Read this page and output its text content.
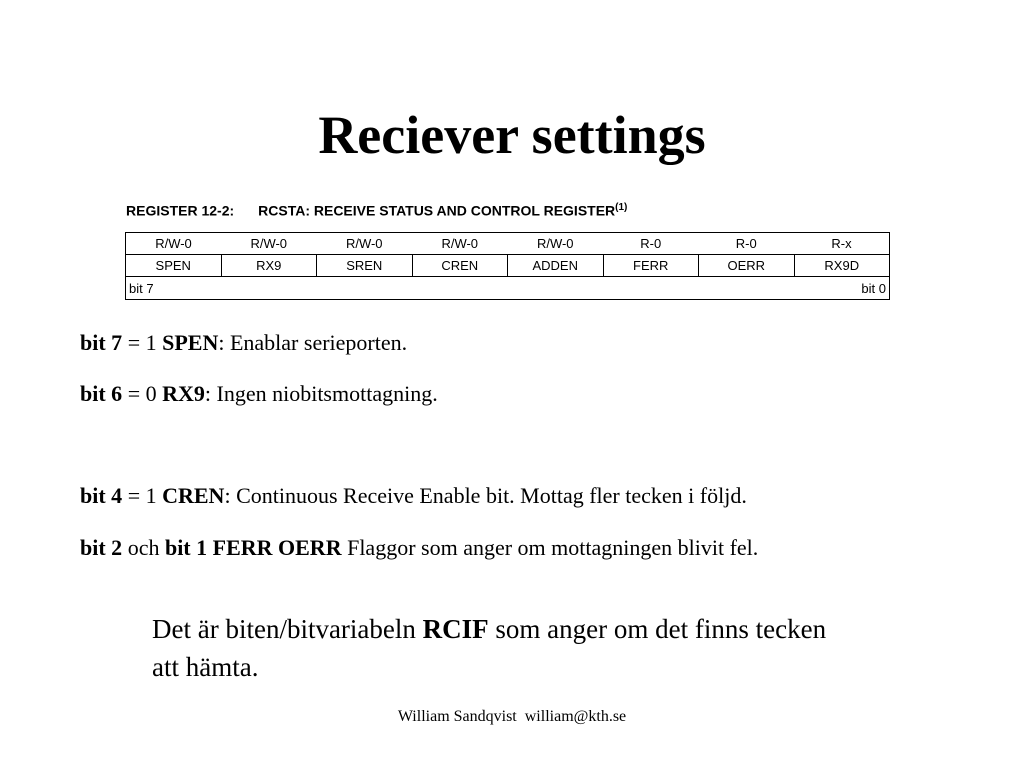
Reciever settings
REGISTER 12-2: RCSTA: RECEIVE STATUS AND CONTROL REGISTER$^{(1)}$
R/W-0	R/W-0	R/W-0	R/W-0	R/W-0	R-0	R-0	R-x
SPEN	RX9	SREN	CREN	ADDEN	FERR	OERR	RX9D

bit 7 bit 0							
bit 7 = 1 SPEN: Enablar serieporten.
bit 6 = 0 RX9: Ingen niobitsmottagning.
bit 4 = 1 CREN: Continuous Receive Enable bit. Mottag fler tecken i följd.
bit 2 och bit 1 FERR OERR Flaggor som anger om mottagningen blivit fel.
Det är biten/bitvariabeln RCIF som anger om det finns tecken att hämta.
William Sandqvist  william@kth.se
